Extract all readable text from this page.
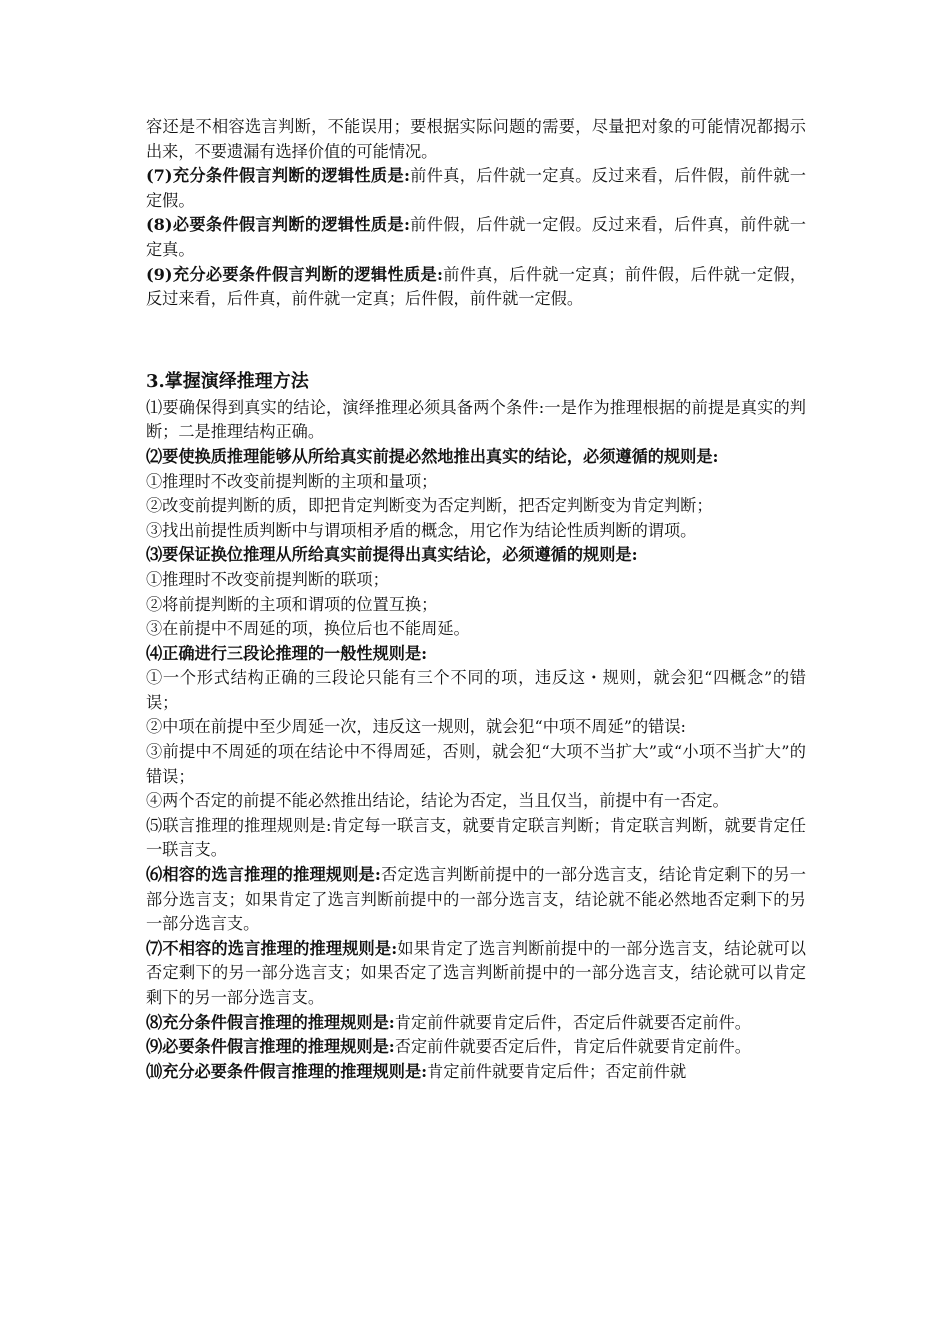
容还是不相容选言判断，不能误用；要根据实际问题的需要，尽量把对象的可能情况都揭示出来，不要遗漏有选择价值的可能情况。

(7)充分条件假言判断的逻辑性质是:前件真，后件就一定真。反过来看，后件假，前件就一定假。

(8)必要条件假言判断的逻辑性质是:前件假，后件就一定假。反过来看，后件真，前件就一定真。

(9)充分必要条件假言判断的逻辑性质是:前件真，后件就一定真；前件假，后件就一定假，反过来看，后件真，前件就一定真；后件假，前件就一定假。

3.掌握演绎推理方法

⑴要确保得到真实的结论，演绎推理必须具备两个条件:一是作为推理根据的前提是真实的判断；二是推理结构正确。

⑵要使换质推理能够从所给真实前提必然地推出真实的结论，必须遵循的规则是:

①推理时不改变前提判断的主项和量项；

②改变前提判断的质，即把肯定判断变为否定判断，把否定判断变为肯定判断；

③找出前提性质判断中与谓项相矛盾的概念，用它作为结论性质判断的谓项。

⑶要保证换位推理从所给真实前提得出真实结论，必须遵循的规则是:

①推理时不改变前提判断的联项；

②将前提判断的主项和谓项的位置互换；

③在前提中不周延的项，换位后也不能周延。

⑷正确进行三段论推理的一般性规则是:

①一个形式结构正确的三段论只能有三个不同的项，违反这・规则，就会犯“四概念”的错误；

②中项在前提中至少周延一次，违反这一规则，就会犯“中项不周延”的错误:

③前提中不周延的项在结论中不得周延，否则，就会犯“大项不当扩大”或“小项不当扩大”的错误；

④两个否定的前提不能必然推出结论，结论为否定，当且仅当，前提中有一否定。

⑸联言推理的推理规则是:肯定每一联言支，就要肯定联言判断；肯定联言判断，就要肯定任一联言支。

⑹相容的选言推理的推理规则是:否定选言判断前提中的一部分选言支，结论肯定剩下的另一部分选言支；如果肯定了选言判断前提中的一部分选言支，结论就不能必然地否定剩下的另一部分选言支。

⑺不相容的选言推理的推理规则是:如果肯定了选言判断前提中的一部分选言支，结论就可以否定剩下的另一部分选言支；如果否定了选言判断前提中的一部分选言支，结论就可以肯定剩下的另一部分选言支。

⑻充分条件假言推理的推理规则是:肯定前件就要肯定后件，否定后件就要否定前件。

⑼必要条件假言推理的推理规则是:否定前件就要否定后件，肯定后件就要肯定前件。

⑽充分必要条件假言推理的推理规则是:肯定前件就要肯定后件；否定前件就
